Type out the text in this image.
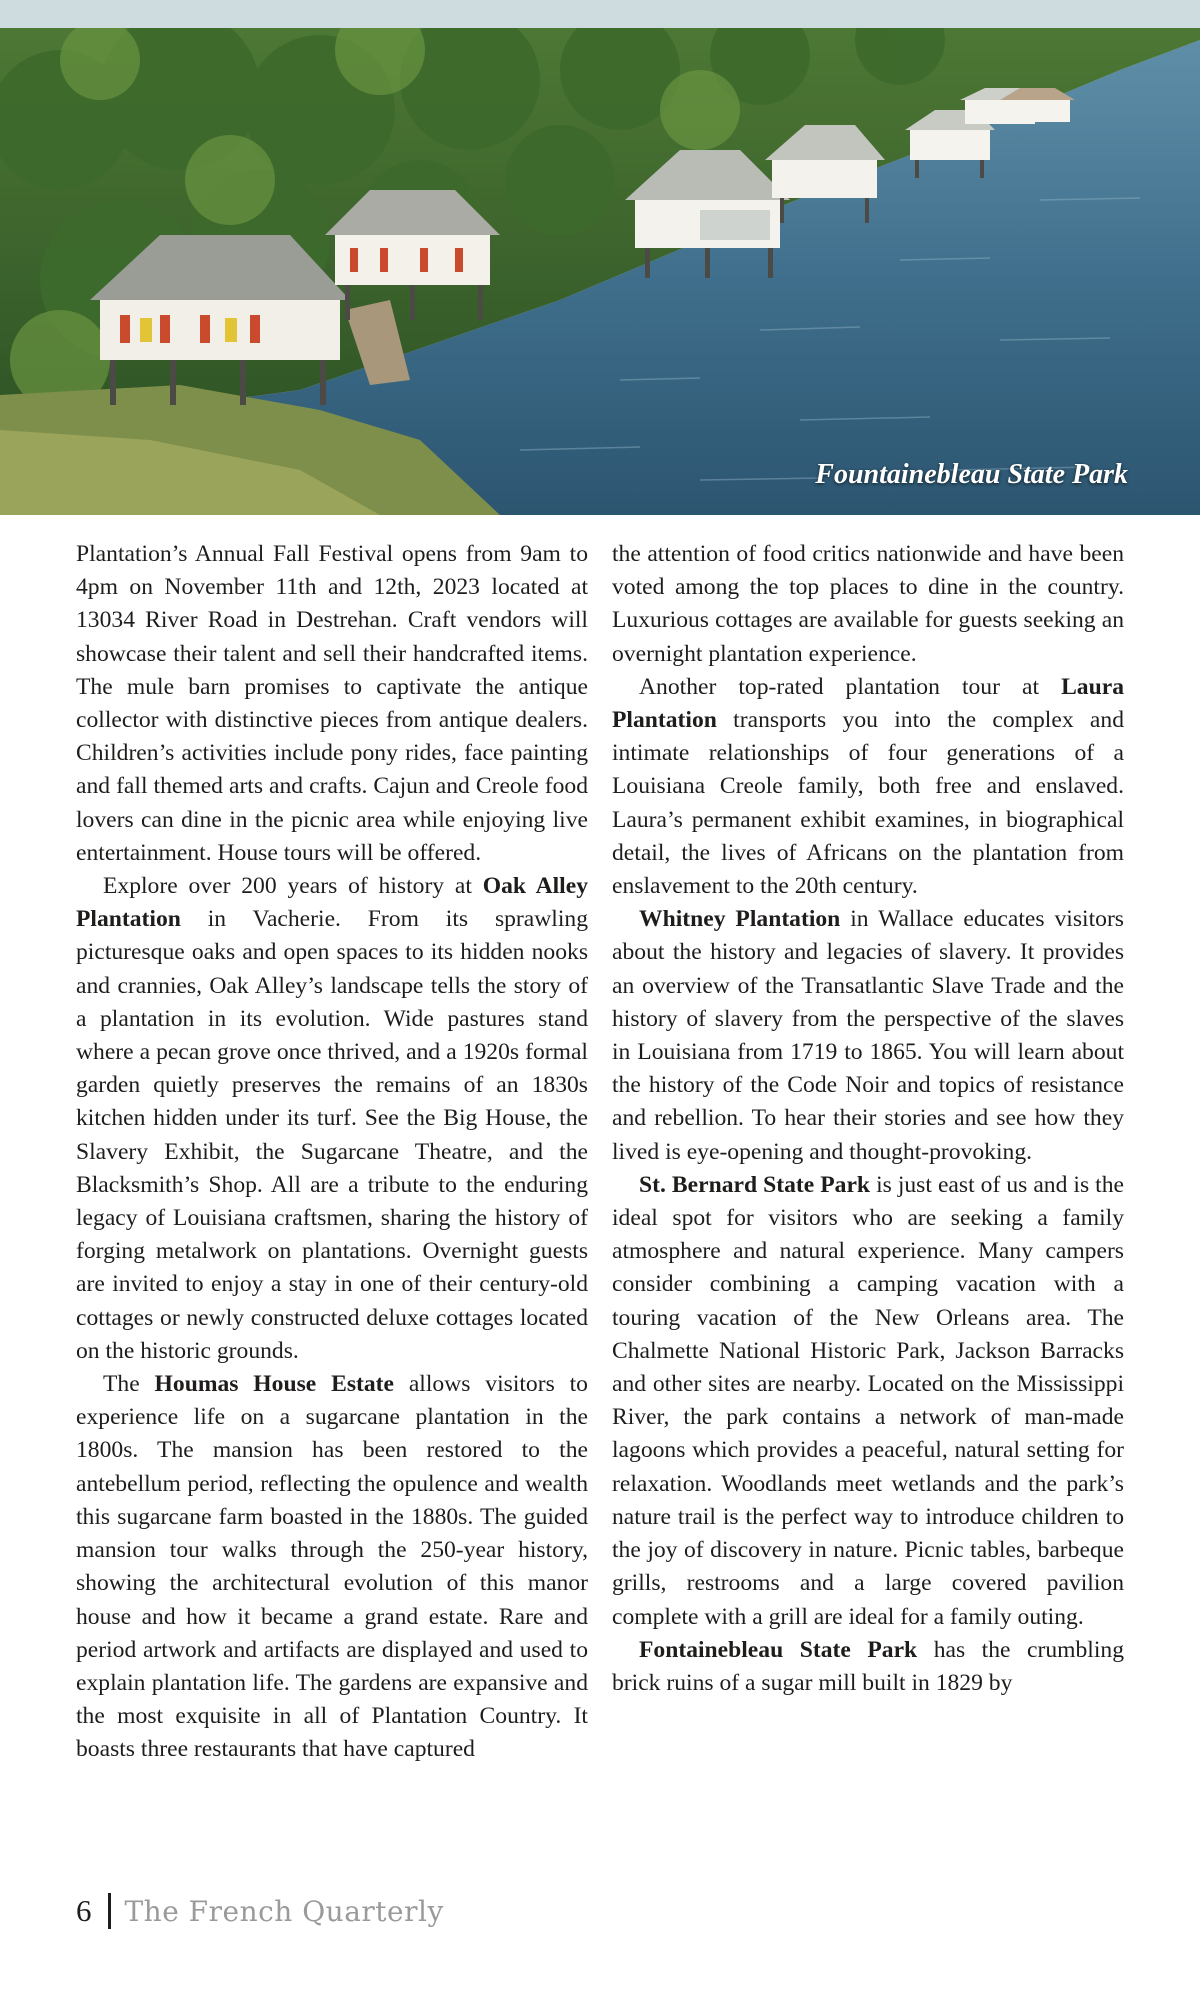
Fountainebleau State Park

Plantation’s Annual Fall Festival opens from 9am to 4pm on November 11th and 12th, 2023 located at 13034 River Road in Destrehan. Craft vendors will showcase their talent and sell their handcrafted items. The mule barn promises to captivate the antique collector with distinctive pieces from antique dealers. Children’s activities include pony rides, face painting and fall themed arts and crafts. Cajun and Creole food lovers can dine in the picnic area while enjoying live entertainment. House tours will be offered.

Explore over 200 years of history at Oak Alley Plantation in Vacherie. From its sprawling picturesque oaks and open spaces to its hidden nooks and crannies, Oak Alley’s landscape tells the story of a plantation in its evolution. Wide pastures stand where a pecan grove once thrived, and a 1920s formal garden quietly preserves the remains of an 1830s kitchen hidden under its turf. See the Big House, the Slavery Exhibit, the Sugarcane Theatre, and the Blacksmith’s Shop. All are a tribute to the enduring legacy of Louisiana craftsmen, sharing the history of forging metalwork on plantations. Overnight guests are invited to enjoy a stay in one of their century-old cottages or newly constructed deluxe cottages located on the historic grounds.

The Houmas House Estate allows visitors to experience life on a sugarcane plantation in the 1800s. The mansion has been restored to the antebellum period, reflecting the opulence and wealth this sugarcane farm boasted in the 1880s. The guided mansion tour walks through the 250-year history, showing the architectural evolution of this manor house and how it became a grand estate. Rare and period artwork and artifacts are displayed and used to explain plantation life. The gardens are expansive and the most exquisite in all of Plantation Country. It boasts three restaurants that have captured

the attention of food critics nationwide and have been voted among the top places to dine in the country. Luxurious cottages are available for guests seeking an overnight plantation experience.

Another top-rated plantation tour at Laura Plantation transports you into the complex and intimate relationships of four generations of a Louisiana Creole family, both free and enslaved. Laura’s permanent exhibit examines, in biographical detail, the lives of Africans on the plantation from enslavement to the 20th century.

Whitney Plantation in Wallace educates visitors about the history and legacies of slavery. It provides an overview of the Transatlantic Slave Trade and the history of slavery from the perspective of the slaves in Louisiana from 1719 to 1865. You will learn about the history of the Code Noir and topics of resistance and rebellion. To hear their stories and see how they lived is eye-opening and thought-provoking.

St. Bernard State Park is just east of us and is the ideal spot for visitors who are seeking a family atmosphere and natural experience. Many campers consider combining a camping vacation with a touring vacation of the New Orleans area. The Chalmette National Historic Park, Jackson Barracks and other sites are nearby. Located on the Mississippi River, the park contains a network of man-made lagoons which provides a peaceful, natural setting for relaxation. Woodlands meet wetlands and the park’s nature trail is the perfect way to introduce children to the joy of discovery in nature. Picnic tables, barbeque grills, restrooms and a large covered pavilion complete with a grill are ideal for a family outing.

Fontainebleau State Park has the crumbling brick ruins of a sugar mill built in 1829 by

6 The French Quarterly
